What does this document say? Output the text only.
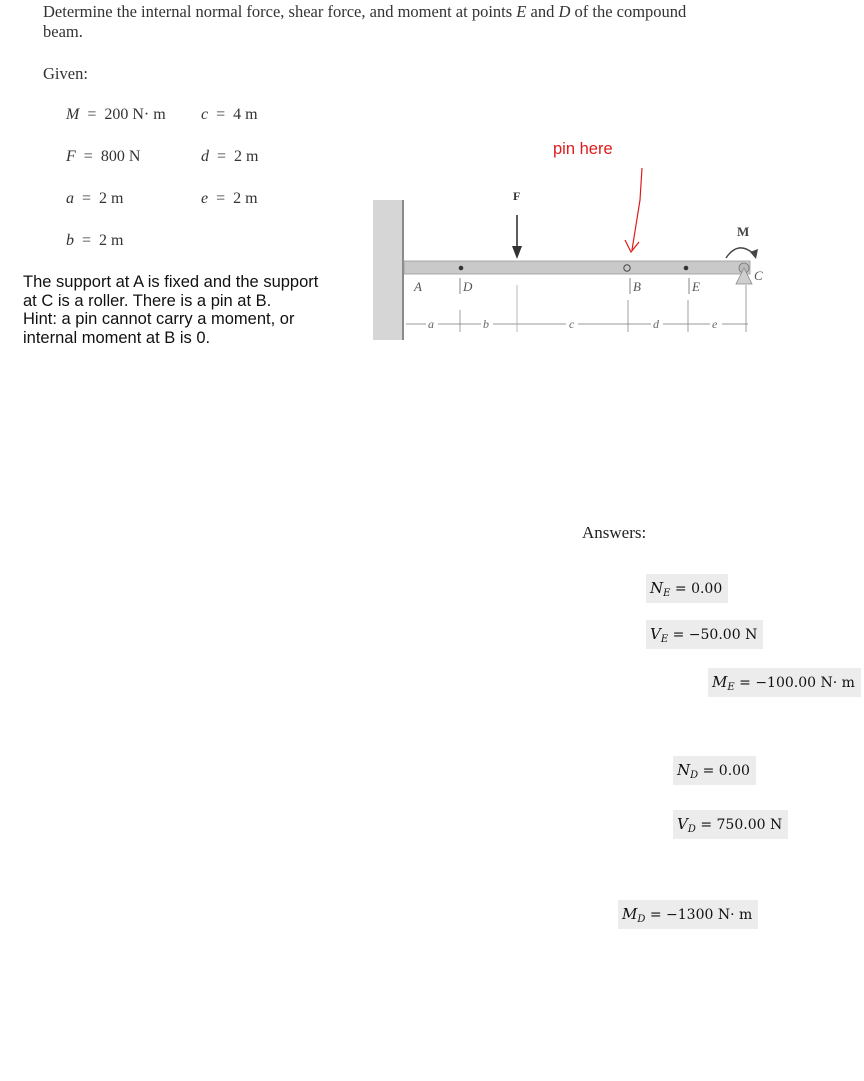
Determine the internal normal force, shear force, and moment at points E and D of the compound beam.
Given:
M  =  200 N· m c  =  4 m
F  =  800 N	d  =  2 m
a  =  2 m	e  =  2 m
b  =  2 m
The support at A is fixed and the support
at C is a roller. There is a pin at B.
Hint: a pin cannot carry a moment, or
internal moment at B is 0.
pin here
F
M
C
A	D	B	E
a	b	c	d	e
Answers:
$N_E = 0.00$
$V_E = -50.00$ N
$M_E = -100.00$ N· m
$N_D = 0.00$
$V_D = 750.00$ N
$M_D = -1300$ N· m
